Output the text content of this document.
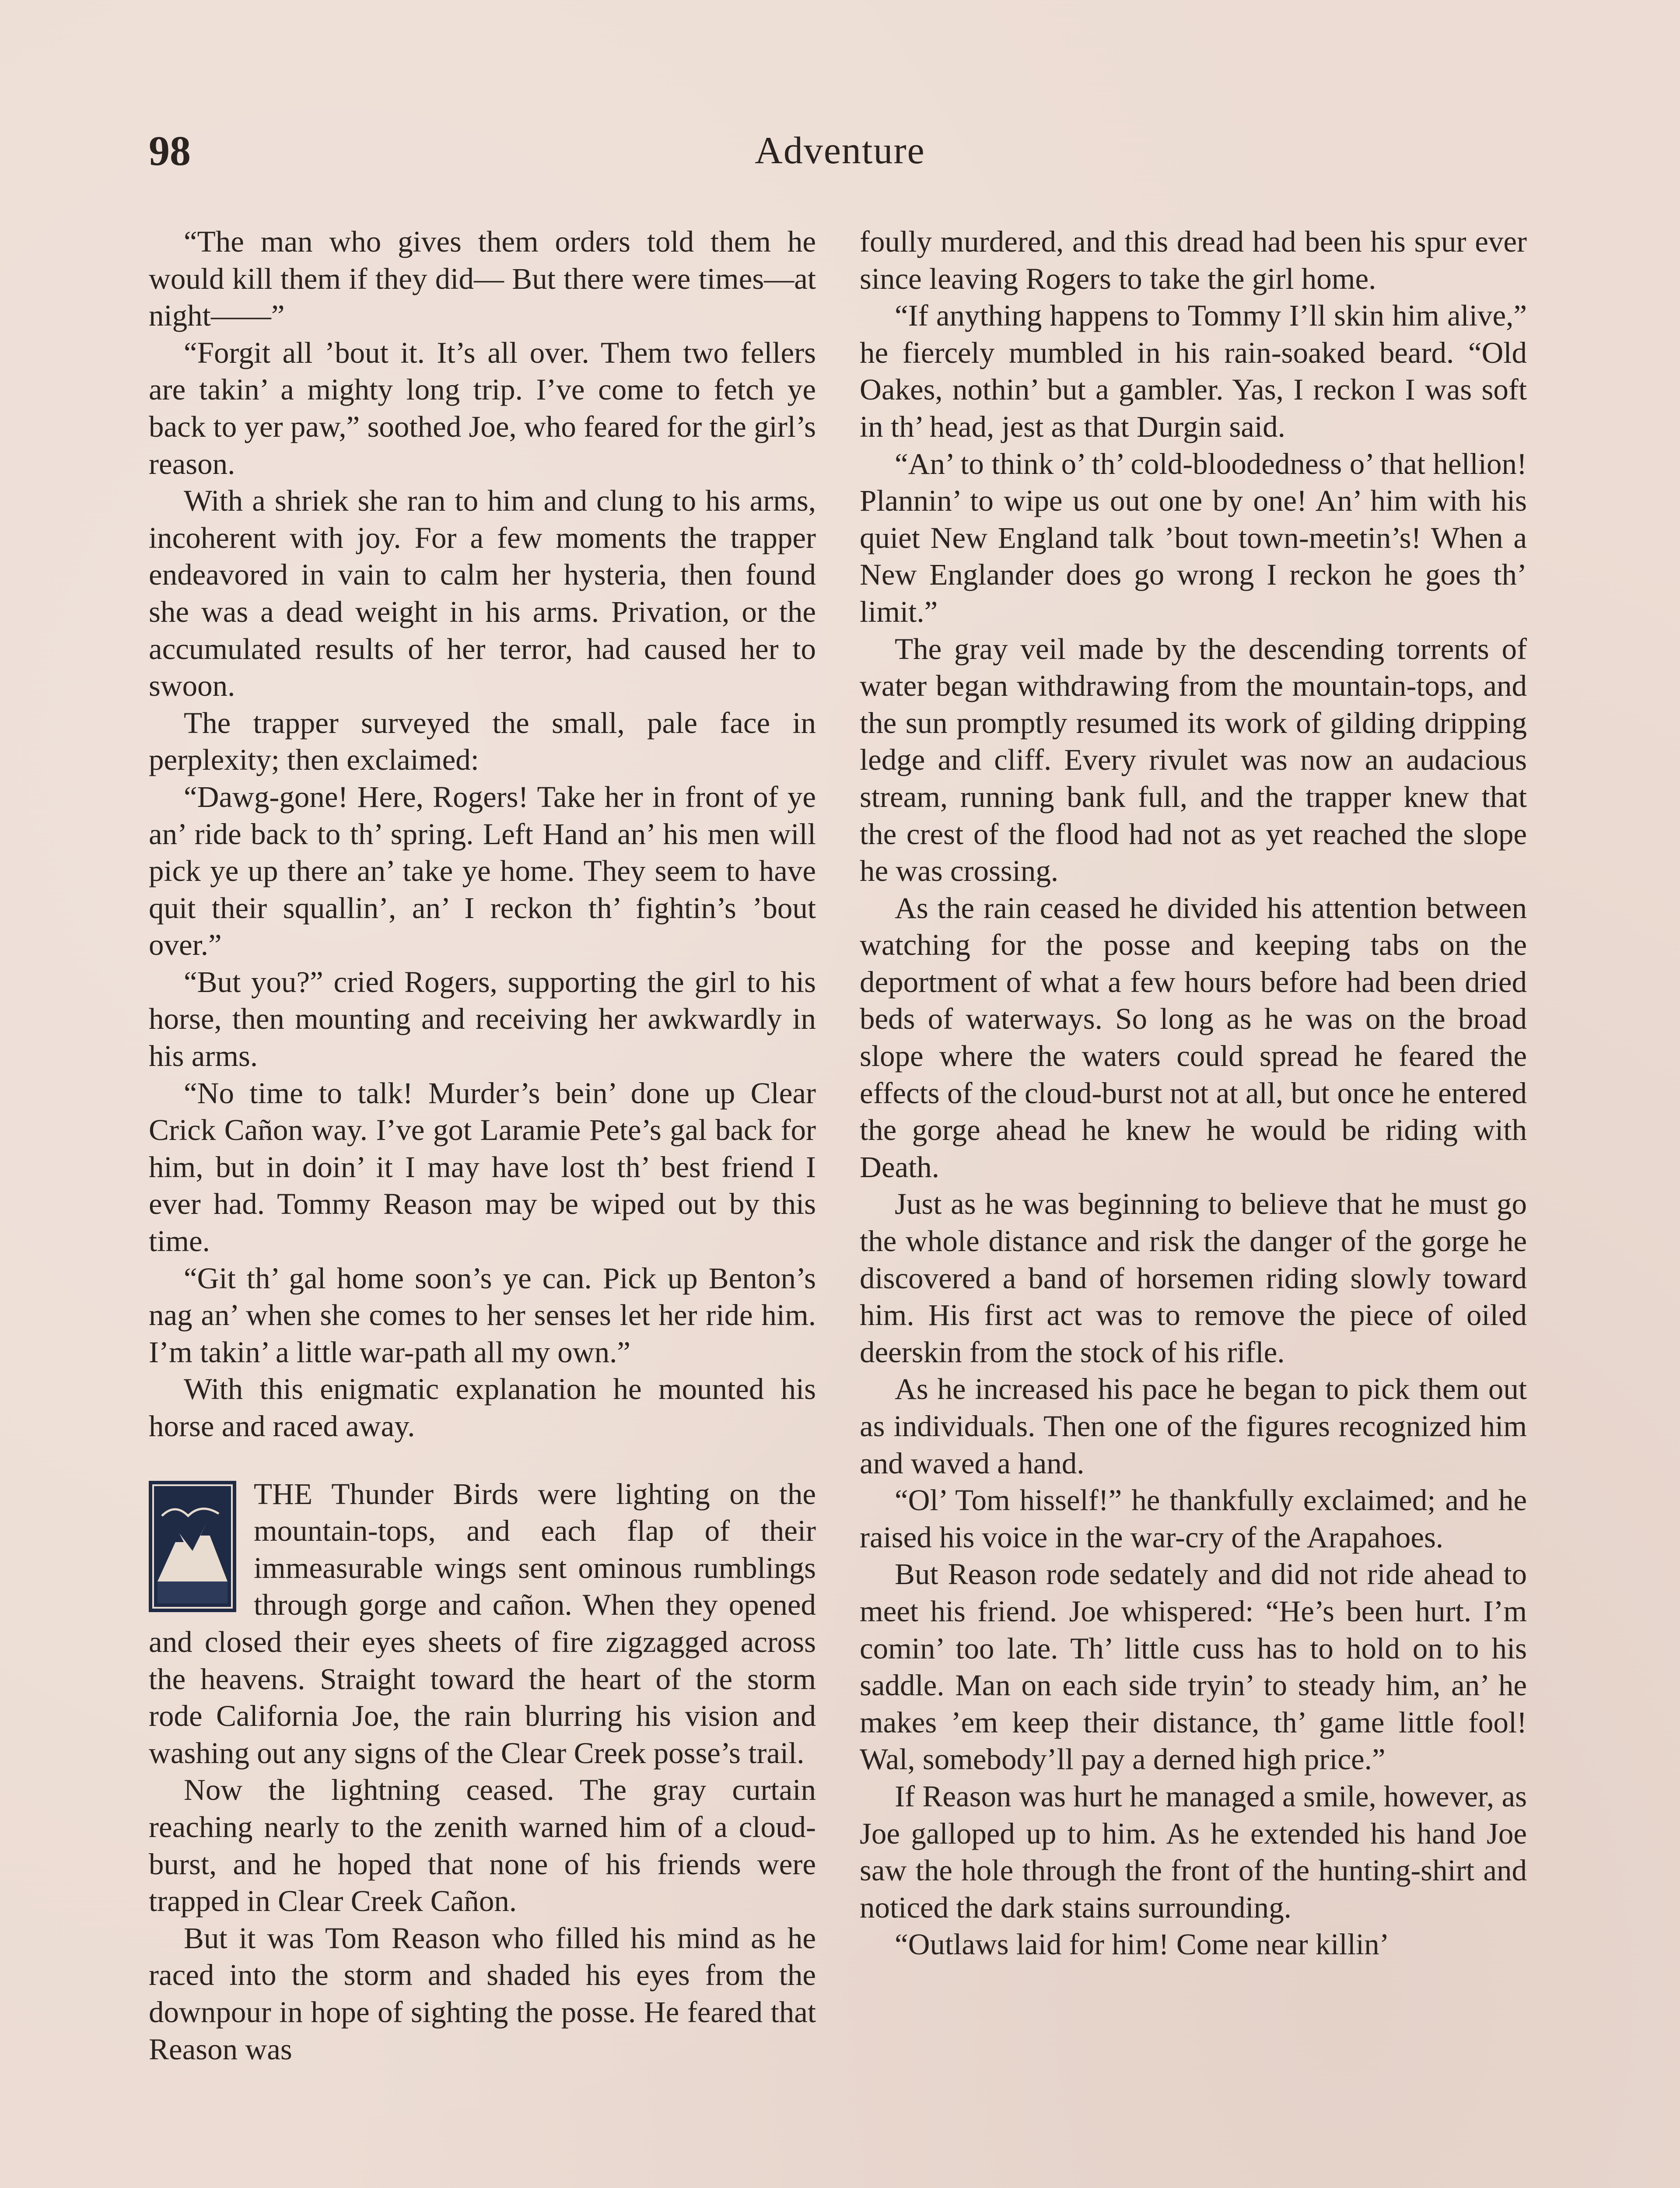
98	Adventure

“The man who gives them orders told them he would kill them if they did— But there were times—at night——”

“Forgit all ’bout it. It’s all over. Them two fellers are takin’ a mighty long trip. I’ve come to fetch ye back to yer paw,” soothed Joe, who feared for the girl’s reason.

With a shriek she ran to him and clung to his arms, incoherent with joy. For a few moments the trapper endeavored in vain to calm her hysteria, then found she was a dead weight in his arms. Privation, or the accumulated results of her terror, had caused her to swoon.

The trapper surveyed the small, pale face in perplexity; then exclaimed:

“Dawg-gone! Here, Rogers! Take her in front of ye an’ ride back to th’ spring. Left Hand an’ his men will pick ye up there an’ take ye home. They seem to have quit their squallin’, an’ I reckon th’ fightin’s ’bout over.”

“But you?” cried Rogers, supporting the girl to his horse, then mounting and receiving her awkwardly in his arms.

“No time to talk! Murder’s bein’ done up Clear Crick Cañon way. I’ve got Laramie Pete’s gal back for him, but in doin’ it I may have lost th’ best friend I ever had. Tommy Reason may be wiped out by this time.

“Git th’ gal home soon’s ye can. Pick up Benton’s nag an’ when she comes to her senses let her ride him. I’m takin’ a little war-path all my own.”

With this enigmatic explanation he mounted his horse and raced away.

THE Thunder Birds were lighting on the mountain-tops, and each flap of their immeasurable wings sent ominous rumblings through gorge and cañon. When they opened and closed their eyes sheets of fire zigzagged across the heavens. Straight toward the heart of the storm rode California Joe, the rain blurring his vision and washing out any signs of the Clear Creek posse’s trail.

Now the lightning ceased. The gray curtain reaching nearly to the zenith warned him of a cloud-burst, and he hoped that none of his friends were trapped in Clear Creek Cañon.

But it was Tom Reason who filled his mind as he raced into the storm and shaded his eyes from the downpour in hope of sighting the posse. He feared that Reason was

foully murdered, and this dread had been his spur ever since leaving Rogers to take the girl home.

“If anything happens to Tommy I’ll skin him alive,” he fiercely mumbled in his rain-soaked beard. “Old Oakes, nothin’ but a gambler. Yas, I reckon I was soft in th’ head, jest as that Durgin said.

“An’ to think o’ th’ cold-bloodedness o’ that hellion! Plannin’ to wipe us out one by one! An’ him with his quiet New England talk ’bout town-meetin’s! When a New Englander does go wrong I reckon he goes th’ limit.”

The gray veil made by the descending torrents of water began withdrawing from the mountain-tops, and the sun promptly resumed its work of gilding dripping ledge and cliff. Every rivulet was now an audacious stream, running bank full, and the trapper knew that the crest of the flood had not as yet reached the slope he was crossing.

As the rain ceased he divided his attention between watching for the posse and keeping tabs on the deportment of what a few hours before had been dried beds of waterways. So long as he was on the broad slope where the waters could spread he feared the effects of the cloud-burst not at all, but once he entered the gorge ahead he knew he would be riding with Death.

Just as he was beginning to believe that he must go the whole distance and risk the danger of the gorge he discovered a band of horsemen riding slowly toward him. His first act was to remove the piece of oiled deerskin from the stock of his rifle.

As he increased his pace he began to pick them out as individuals. Then one of the figures recognized him and waved a hand.

“Ol’ Tom hisself!” he thankfully exclaimed; and he raised his voice in the war-cry of the Arapahoes.

But Reason rode sedately and did not ride ahead to meet his friend. Joe whispered: “He’s been hurt. I’m comin’ too late. Th’ little cuss has to hold on to his saddle. Man on each side tryin’ to steady him, an’ he makes ’em keep their distance, th’ game little fool! Wal, somebody’ll pay a derned high price.”

If Reason was hurt he managed a smile, however, as Joe galloped up to him. As he extended his hand Joe saw the hole through the front of the hunting-shirt and noticed the dark stains surrounding.

“Outlaws laid for him! Come near killin’
